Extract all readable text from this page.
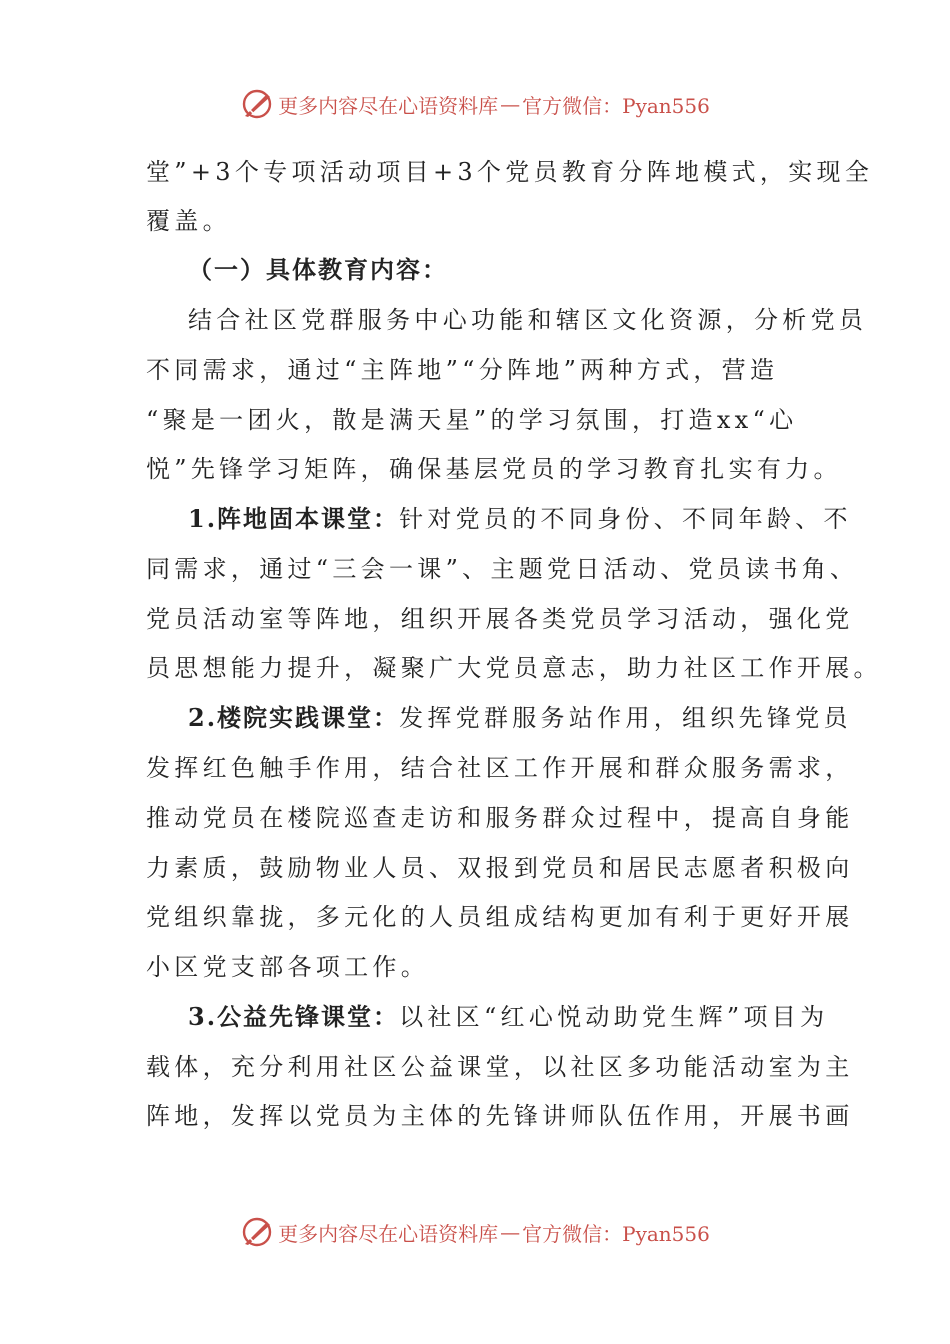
更多内容尽在心语资料库 — 官方微信：Pyan556
堂”+3个专项活动项目+3个党员教育分阵地模式，实现全
覆盖。
（一）具体教育内容：
结合社区党群服务中心功能和辖区文化资源，分析党员
不同需求，通过“主阵地”“分阵地”两种方式，营造
“聚是一团火，散是满天星”的学习氛围，打造xx“心
悦”先锋学习矩阵，确保基层党员的学习教育扎实有力。
1.阵地固本课堂：针对党员的不同身份、不同年龄、不
同需求，通过“三会一课”、主题党日活动、党员读书角、
党员活动室等阵地，组织开展各类党员学习活动，强化党
员思想能力提升，凝聚广大党员意志，助力社区工作开展。
2.楼院实践课堂：发挥党群服务站作用，组织先锋党员
发挥红色触手作用，结合社区工作开展和群众服务需求，
推动党员在楼院巡查走访和服务群众过程中，提高自身能
力素质，鼓励物业人员、双报到党员和居民志愿者积极向
党组织靠拢，多元化的人员组成结构更加有利于更好开展
小区党支部各项工作。
3.公益先锋课堂：以社区“红心悦动助党生辉”项目为
载体，充分利用社区公益课堂，以社区多功能活动室为主
阵地，发挥以党员为主体的先锋讲师队伍作用，开展书画
更多内容尽在心语资料库 — 官方微信：Pyan556
